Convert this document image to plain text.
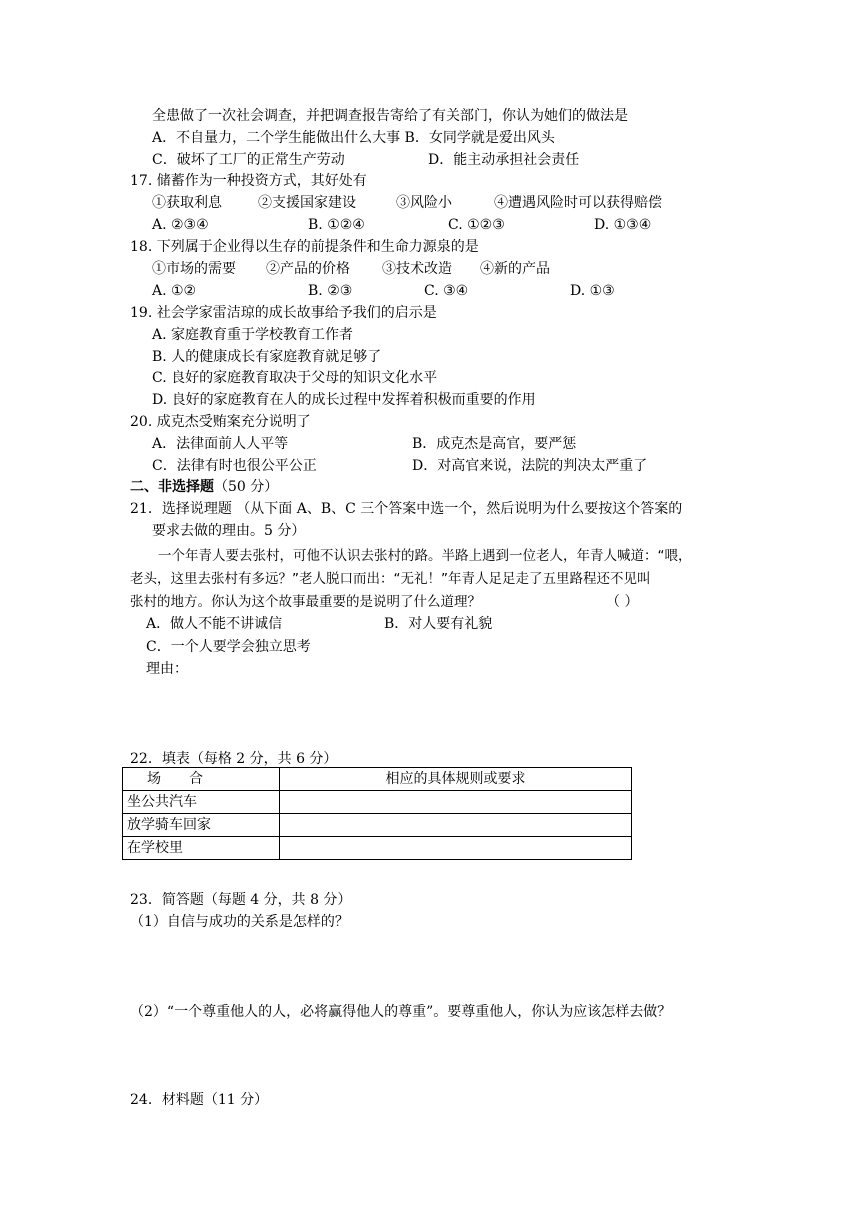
全患做了一次社会调查，并把调查报告寄给了有关部门，你认为她们的做法是
A．不自量力，二个学生能做出什么大事 B．女同学就是爱出风头
C．破坏了工厂的正常生产劳动	D．能主动承担社会责任
17. 储蓄作为一种投资方式，其好处有
①获取利息	②支援国家建设	③风险小	④遭遇风险时可以获得赔偿
A. ②③④	B. ①②④	C. ①②③	D. ①③④
18. 下列属于企业得以生存的前提条件和生命力源泉的是
①市场的需要 ②产品的价格 ③技术改造 ④新的产品
A. ①②	B. ②③	C. ③④	D. ①③
19. 社会学家雷洁琼的成长故事给予我们的启示是
A. 家庭教育重于学校教育工作者
B. 人的健康成长有家庭教育就足够了
C. 良好的家庭教育取决于父母的知识文化水平
D. 良好的家庭教育在人的成长过程中发挥着积极而重要的作用
20. 成克杰受贿案充分说明了
A．法律面前人人平等	B．成克杰是高官，要严惩
C．法律有时也很公平公正	D．对高官来说，法院的判决太严重了
二、非选择题（50 分）
21．选择说理题 （从下面 A、B、C 三个答案中选一个，然后说明为什么要按这个答案的
要求去做的理由。5 分）
一个年青人要去张村，可他不认识去张村的路。半路上遇到一位老人，年青人喊道：“喂，
老头，这里去张村有多远？”老人脱口而出：“无礼！”年青人足足走了五里路程还不见叫
张村的地方。你认为这个故事最重要的是说明了什么道理？	（ ）
A．做人不能不讲诚信	B．对人要有礼貌
C．一个人要学会独立思考
理由：
22．填表（每格 2 分，共 6 分）
场　　合	相应的具体规则或要求
坐公共汽车	
放学骑车回家	
在学校里	
23．简答题（每题 4 分，共 8 分）
（1）自信与成功的关系是怎样的？
（2）“一个尊重他人的人，必将赢得他人的尊重”。要尊重他人，你认为应该怎样去做？
24．材料题（11 分）
